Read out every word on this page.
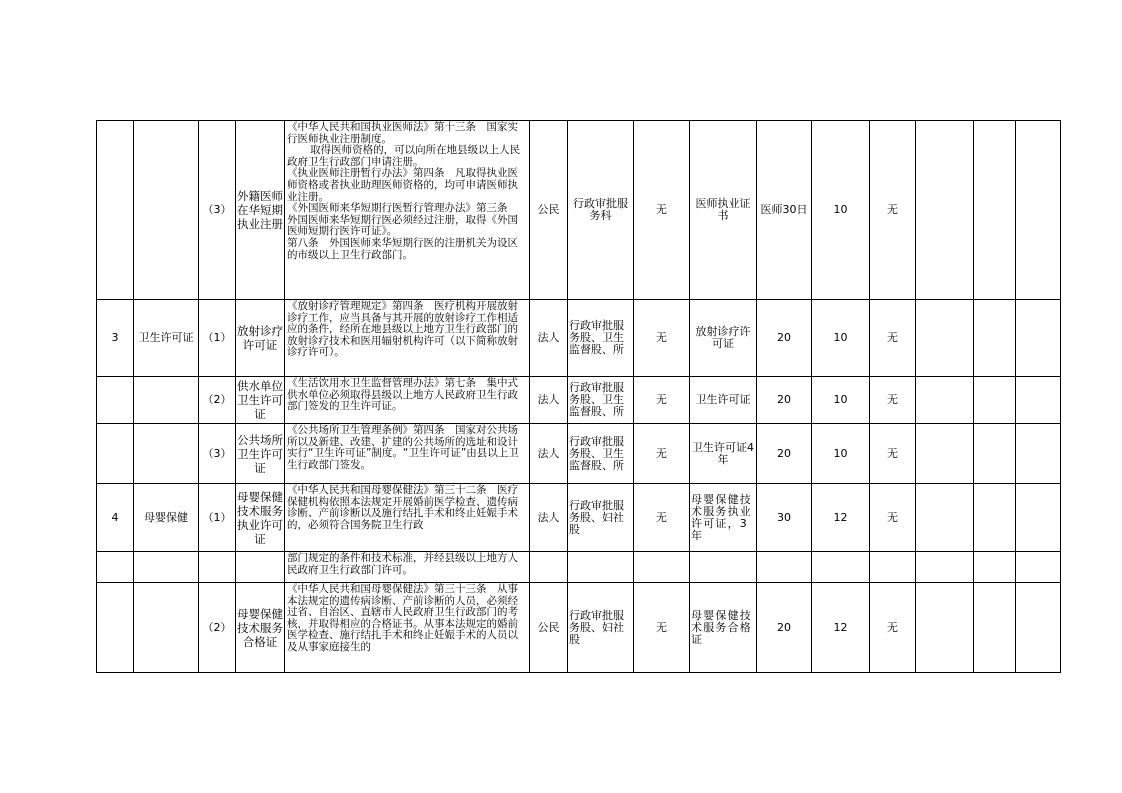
		（3）	外籍医师在华短期执业注册	《中华人民共和国执业医师法》第十三条　国家实行医师执业注册制度。
取得医师资格的，可以向所在地县级以上人民政府卫生行政部门申请注册。
《执业医师注册暂行办法》第四条　凡取得执业医师资格或者执业助理医师资格的，均可申请医师执业注册。
《外国医师来华短期行医暂行管理办法》第三条　外国医师来华短期行医必须经过注册，取得《外国医师短期行医许可证》。
第八条　外国医师来华短期行医的注册机关为设区的市级以上卫生行政部门。	公民	行政审批服务科	无	医师执业证书	医师30日	10	无			
3	卫生许可证	（1）	放射诊疗许可证	《放射诊疗管理规定》第四条　医疗机构开展放射诊疗工作，应当具备与其开展的放射诊疗工作相适应的条件，经所在地县级以上地方卫生行政部门的放射诊疗技术和医用辐射机构许可（以下简称放射诊疗许可）。	法人	行政审批服务股、卫生监督股、所	无	放射诊疗许可证	20	10	无			
		（2）	供水单位卫生许可证	《生活饮用水卫生监督管理办法》第七条　集中式供水单位必须取得县级以上地方人民政府卫生行政部门签发的卫生许可证。	法人	行政审批服务股、卫生监督股、所	无	卫生许可证	20	10	无			
		（3）	公共场所卫生许可证	《公共场所卫生管理条例》第四条　国家对公共场所以及新建、改建、扩建的公共场所的选址和设计实行“卫生许可证”制度。“卫生许可证”由县以上卫生行政部门签发。	法人	行政审批服务股、卫生监督股、所	无	卫生许可证4年	20	10	无			
4	母婴保健	（1）	母婴保健技术服务执业许可证	《中华人民共和国母婴保健法》第三十二条　医疗保健机构依照本法规定开展婚前医学检查、遗传病诊断、产前诊断以及施行结扎手术和终止妊娠手术的，必须符合国务院卫生行政	法人	行政审批服务股、妇社股	无	母婴保健技术服务执业许可证，3年	30	12	无			

				部门规定的条件和技术标准，并经县级以上地方人民政府卫生行政部门许可。										

		（2）	母婴保健技术服务合格证	《中华人民共和国母婴保健法》第三十三条　从事本法规定的遗传病诊断、产前诊断的人员，必须经过省、自治区、直辖市人民政府卫生行政部门的考核，并取得相应的合格证书。从事本法规定的婚前医学检查、施行结扎手术和终止妊娠手术的人员以及从事家庭接生的	公民	行政审批服务股、妇社股	无	母婴保健技术服务合格证	20	12	无			
